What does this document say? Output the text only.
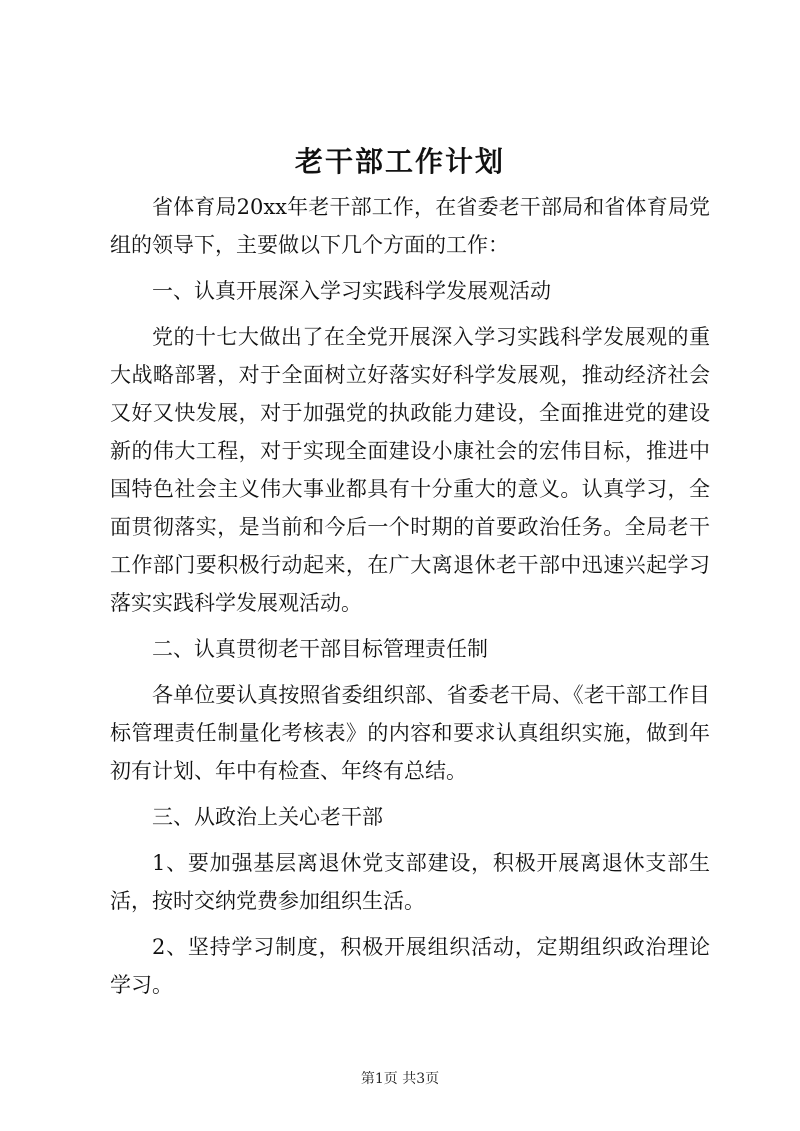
老干部工作计划

省体育局20xx年老干部工作，在省委老干部局和省体育局党组的领导下，主要做以下几个方面的工作：

一、认真开展深入学习实践科学发展观活动

党的十七大做出了在全党开展深入学习实践科学发展观的重大战略部署，对于全面树立好落实好科学发展观，推动经济社会又好又快发展，对于加强党的执政能力建设，全面推进党的建设新的伟大工程，对于实现全面建设小康社会的宏伟目标，推进中国特色社会主义伟大事业都具有十分重大的意义。认真学习，全面贯彻落实，是当前和今后一个时期的首要政治任务。全局老干工作部门要积极行动起来，在广大离退休老干部中迅速兴起学习落实实践科学发展观活动。

二、认真贯彻老干部目标管理责任制

各单位要认真按照省委组织部、省委老干局、《老干部工作目标管理责任制量化考核表》的内容和要求认真组织实施，做到年初有计划、年中有检查、年终有总结。

三、从政治上关心老干部

1、要加强基层离退休党支部建设，积极开展离退休支部生活，按时交纳党费参加组织生活。

2、坚持学习制度，积极开展组织活动，定期组织政治理论学习。

第1页 共3页
